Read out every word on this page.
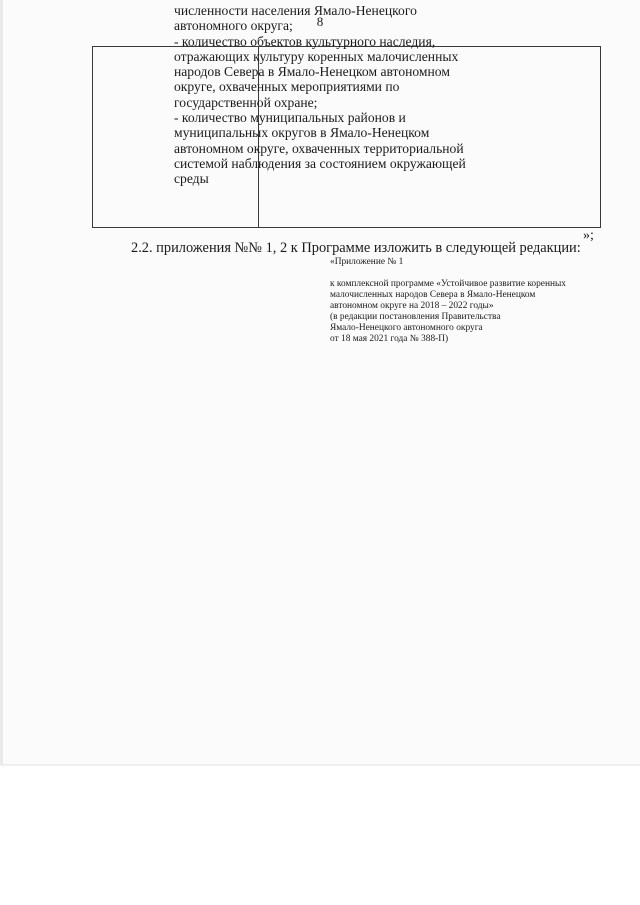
8
численности населения Ямало-Ненецкого
автономного округа;
- количество объектов культурного наследия,
отражающих культуру коренных малочисленных
народов Севера в Ямало-Ненецком автономном
округе, охваченных мероприятиями по
государственной охране;
- количество муниципальных районов и
муниципальных округов в Ямало-Ненецком
автономном округе, охваченных территориальной
системой наблюдения за состоянием окружающей
среды
»;
2.2. приложения №№ 1, 2 к Программе изложить в следующей редакции:
«Приложение № 1
к комплексной программе «Устойчивое развитие коренных
малочисленных народов Севера в Ямало-Ненецком
автономном округе на 2018 – 2022 годы»
(в редакции постановления Правительства
Ямало-Ненецкого автономного округа
от 18 мая 2021 года № 388-П)
